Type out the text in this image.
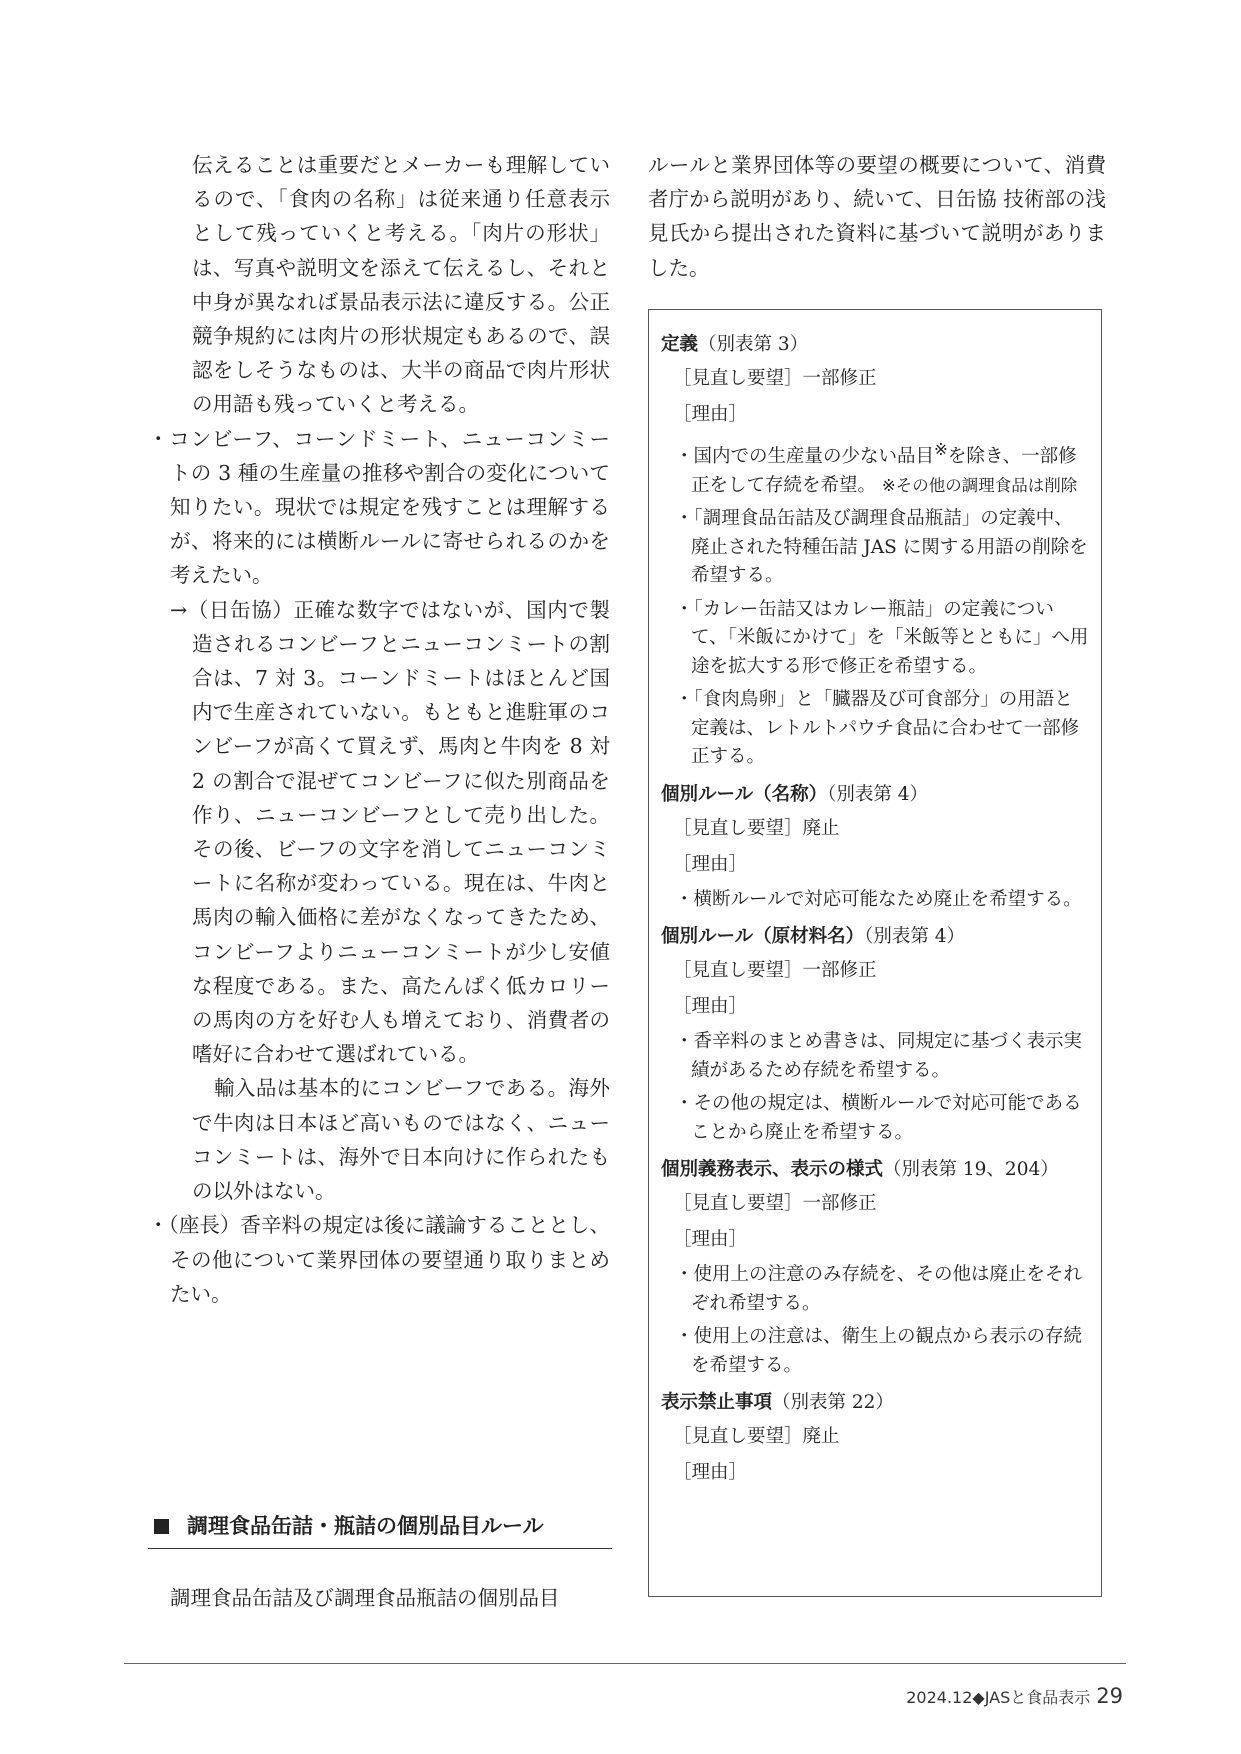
伝えることは重要だとメーカーも理解しているので、「食肉の名称」は従来通り任意表示として残っていくと考える。「肉片の形状」は、写真や説明文を添えて伝えるし、それと中身が異なれば景品表示法に違反する。公正競争規約には肉片の形状規定もあるので、誤認をしそうなものは、大半の商品で肉片形状の用語も残っていくと考える。

・コンビーフ、コーンドミート、ニューコンミートの 3 種の生産量の推移や割合の変化について知りたい。現状では規定を残すことは理解するが、将来的には横断ルールに寄せられるのかを考えたい。

→（日缶協）正確な数字ではないが、国内で製造されるコンビーフとニューコンミートの割合は、7 対 3。コーンドミートはほとんど国内で生産されていない。もともと進駐軍のコンビーフが高くて買えず、馬肉と牛肉を 8 対 2 の割合で混ぜてコンビーフに似た別商品を作り、ニューコンビーフとして売り出した。その後、ビーフの文字を消してニューコンミートに名称が変わっている。現在は、牛肉と馬肉の輸入価格に差がなくなってきたため、コンビーフよりニューコンミートが少し安値な程度である。また、高たんぱく低カロリーの馬肉の方を好む人も増えており、消費者の嗜好に合わせて選ばれている。

輸入品は基本的にコンビーフである。海外で牛肉は日本ほど高いものではなく、ニューコンミートは、海外で日本向けに作られたもの以外はない。

・（座長）香辛料の規定は後に議論することとし、その他について業界団体の要望通り取りまとめたい。

調理食品缶詰・瓶詰の個別品目ルール

調理食品缶詰及び調理食品瓶詰の個別品目

ルールと業界団体等の要望の概要について、消費者庁から説明があり、続いて、日缶協 技術部の浅見氏から提出された資料に基づいて説明がありました。

定義（別表第 3）
［見直し要望］一部修正
［理由］
・国内での生産量の少ない品目※を除き、一部修正をして存続を希望。 ※その他の調理食品は削除
・「調理食品缶詰及び調理食品瓶詰」の定義中、廃止された特種缶詰 JAS に関する用語の削除を希望する。
・「カレー缶詰又はカレー瓶詰」の定義について、「米飯にかけて」を「米飯等とともに」へ用途を拡大する形で修正を希望する。
・「食肉鳥卵」と「臓器及び可食部分」の用語と定義は、レトルトパウチ食品に合わせて一部修正する。
個別ルール（名称）（別表第 4）
［見直し要望］廃止
［理由］
・横断ルールで対応可能なため廃止を希望する。
個別ルール（原材料名）（別表第 4）
［見直し要望］一部修正
［理由］
・香辛料のまとめ書きは、同規定に基づく表示実績があるため存続を希望する。
・その他の規定は、横断ルールで対応可能であることから廃止を希望する。
個別義務表示、表示の様式（別表第 19、204）
［見直し要望］一部修正
［理由］
・使用上の注意のみ存続を、その他は廃止をそれぞれ希望する。
・使用上の注意は、衛生上の観点から表示の存続を希望する。
表示禁止事項（別表第 22）
［見直し要望］廃止
［理由］
2024.12◆JASと食品表示 29
